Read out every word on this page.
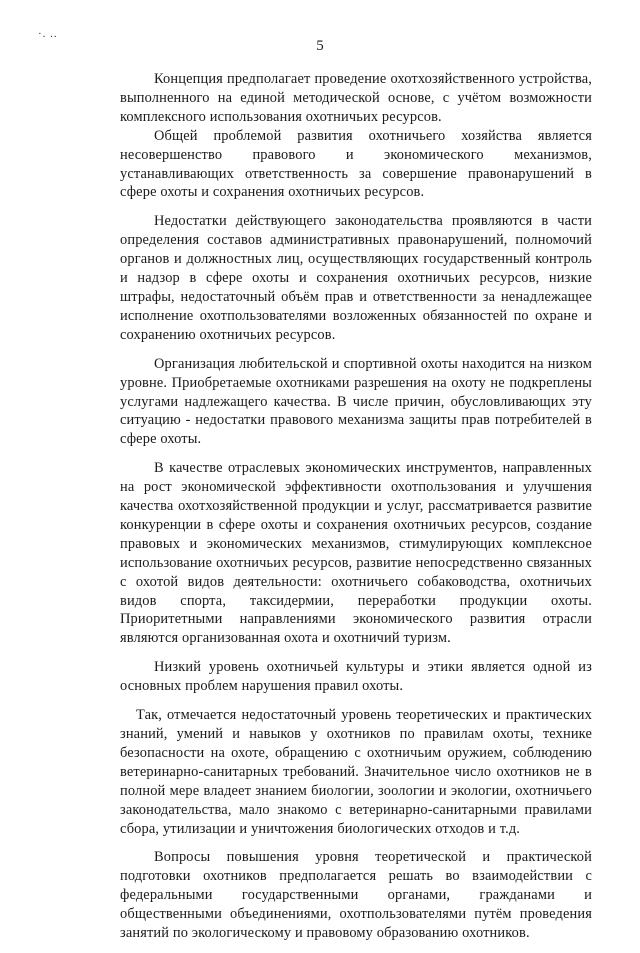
·. ..
5

Концепция предполагает проведение охотхозяйственного устройства, выполненного на единой методической основе, с учётом возможности комплексного использования охотничьих ресурсов.

Общей проблемой развития охотничьего хозяйства является несовершенство правового и экономического механизмов, устанавливающих ответственность за совершение правонарушений в сфере охоты и сохранения охотничьих ресурсов.

Недостатки действующего законодательства проявляются в части определения составов административных правонарушений, полномочий органов и должностных лиц, осуществляющих государственный контроль и надзор в сфере охоты и сохранения охотничьих ресурсов, низкие штрафы, недостаточный объём прав и ответственности за ненадлежащее исполнение охотпользователями возложенных обязанностей по охране и сохранению охотничьих ресурсов.

Организация любительской и спортивной охоты находится на низком уровне. Приобретаемые охотниками разрешения на охоту не подкреплены услугами надлежащего качества. В числе причин, обусловливающих эту ситуацию - недостатки правового механизма защиты прав потребителей в сфере охоты.

В качестве отраслевых экономических инструментов, направленных на рост экономической эффективности охотпользования и улучшения качества охотхозяйственной продукции и услуг, рассматривается развитие конкуренции в сфере охоты и сохранения охотничьих ресурсов, создание правовых и экономических механизмов, стимулирующих комплексное использование охотничьих ресурсов, развитие непосредственно связанных с охотой видов деятельности: охотничьего собаководства, охотничьих видов спорта, таксидермии, переработки продукции охоты. Приоритетными направлениями экономического развития отрасли являются организованная охота и охотничий туризм.

Низкий уровень охотничьей культуры и этики является одной из основных проблем нарушения правил охоты.

Так, отмечается недостаточный уровень теоретических и практических знаний, умений и навыков у охотников по правилам охоты, технике безопасности на охоте, обращению с охотничьим оружием, соблюдению ветеринарно-санитарных требований. Значительное число охотников не в полной мере владеет знанием биологии, зоологии и экологии, охотничьего законодательства, мало знакомо с ветеринарно-санитарными правилами сбора, утилизации и уничтожения биологических отходов и т.д.

Вопросы повышения уровня теоретической и практической подготовки охотников предполагается решать во взаимодействии с федеральными государственными органами, гражданами и общественными объединениями, охотпользователями путём проведения занятий по экологическому и правовому образованию охотников.
